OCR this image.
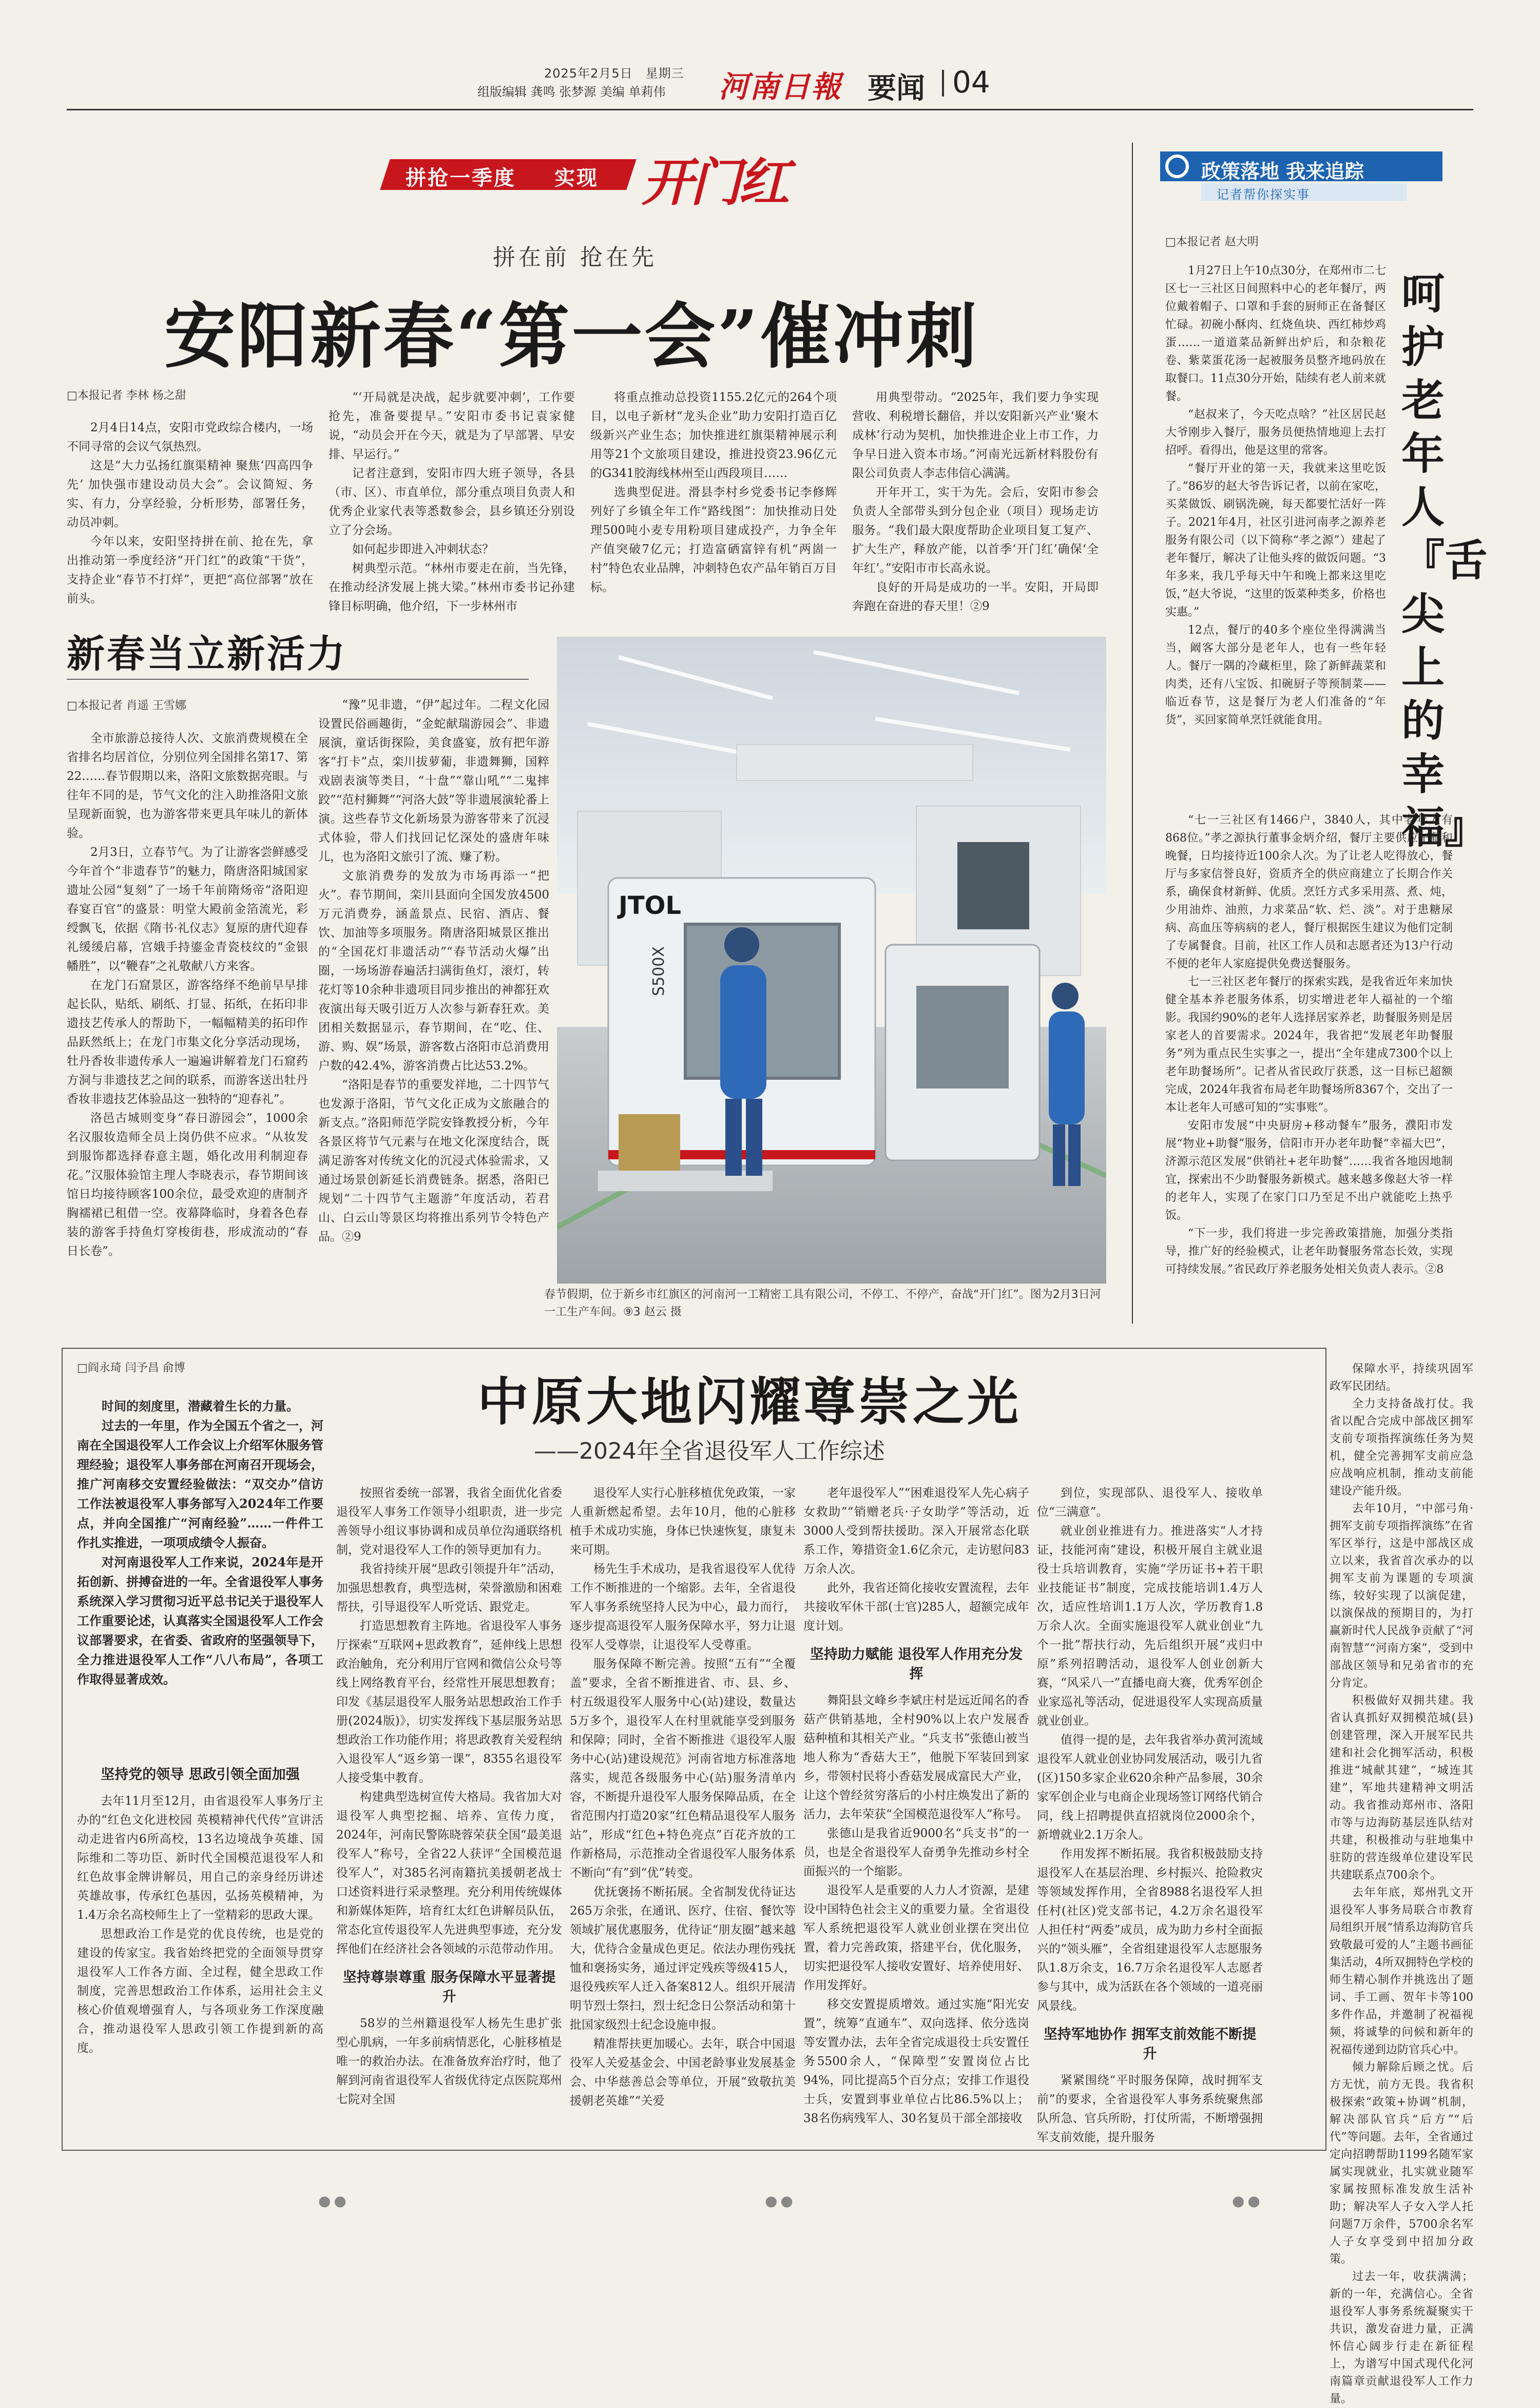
2025年2月5日　星期三
组版编辑 龚鸣 张梦源 美编 单莉伟 河南日報 要闻 04
拼抢一季度 实现 开门红
拼在前 抢在先
安阳新春“第一会”催冲刺
□本报记者 李林 杨之甜

2月4日14点，安阳市党政综合楼内，一场不同寻常的会议气氛热烈。

这是“大力弘扬红旗渠精神 聚焦‘四高四争先’ 加快强市建设动员大会”。会议简短、务实、有力，分享经验，分析形势，部署任务，动员冲刺。

今年以来，安阳坚持拼在前、抢在先，拿出推动第一季度经济“开门红”的政策“干货”，支持企业“春节不打烊”，更把“高位部署”放在前头。

“‘开局就是决战，起步就要冲刺’，工作要抢先，准备要提早。”安阳市委书记袁家健说，“动员会开在今天，就是为了早部署、早安排、早运行。”

记者注意到，安阳市四大班子领导，各县（市、区）、市直单位，部分重点项目负责人和优秀企业家代表等悉数参会，县乡镇还分别设立了分会场。

如何起步即进入冲刺状态？

树典型示范。“林州市要走在前，当先锋，在推动经济发展上挑大梁。”林州市委书记孙建锋目标明确，他介绍，下一步林州市

将重点推动总投资1155.2亿元的264个项目，以电子新材“龙头企业”助力安阳打造百亿级新兴产业生态；加快推进红旗渠精神展示利用等21个文旅项目建设，推进投资23.96亿元的G341胶海线林州至山西段项目……

选典型促进。滑县李村乡党委书记李修辉列好了乡镇全年工作“路线图”：加快推动日处理500吨小麦专用粉项目建成投产，力争全年产值突破7亿元；打造富硒富锌有机“两崮一村”特色农业品牌，冲刺特色农产品年销百万目标。

用典型带动。“2025年，我们要力争实现营收、利税增长翻倍，并以安阳新兴产业‘聚木成林’行动为契机，加快推进企业上市工作，力争早日进入资本市场。”河南光远新材料股份有限公司负责人李志伟信心满满。

开年开工，实干为先。会后，安阳市参会负责人全部带头到分包企业（项目）现场走访服务。“我们最大限度帮助企业项目复工复产、扩大生产，释放产能，以首季‘开门红’确保‘全年红’。”安阳市市长高永说。

良好的开局是成功的一半。安阳，开局即奔跑在奋进的春天里！②9

新春当立新活力
□本报记者 肖遥 王雪娜

全市旅游总接待人次、文旅消费规模在全省排名均居首位，分别位列全国排名第17、第22……春节假期以来，洛阳文旅数据亮眼。与往年不同的是，节气文化的注入助推洛阳文旅呈现新面貌，也为游客带来更具年味儿的新体验。

2月3日，立春节气。为了让游客尝鲜感受今年首个“非遗春节”的魅力，隋唐洛阳城国家遗址公园“复刻”了一场千年前隋炀帝“洛阳迎春宴百官”的盛景：明堂大殿前金箔流光，彩绶飘飞，依据《隋书·礼仪志》复原的唐代迎春礼缓缓启幕，宫娥手持鎏金青瓷枝纹的“金银幡胜”，以“鞭春”之礼敬献八方来客。

在龙门石窟景区，游客络绎不绝前早早排起长队，贴纸、刷纸、打显、拓纸，在拓印非遗技艺传承人的帮助下，一幅幅精美的拓印作品跃然纸上；在龙门市集文化分享活动现场，牡丹香妆非遗传承人一遍遍讲解着龙门石窟药方洞与非遗技艺之间的联系，而游客送出牡丹香妆非遗技艺体验品这一独特的“迎春礼”。

洛邑古城则变身“春日游园会”，1000余名汉服妆造师全员上岗仍供不应求。“从妆发到服饰都选择春意主题，婚化改用利制迎春花。”汉服体验馆主理人李晓表示，春节期间该馆日均接待顾客100余位，最受欢迎的唐制齐胸襦裙已租借一空。夜幕降临时，身着各色春装的游客手持鱼灯穿梭街巷，形成流动的“春日长卷”。

“豫”见非遗，“伊”起过年。二程文化园设置民俗画趣街，“金蛇献瑞游园会”、非遗展演，童话街探险，美食盛宴，放有把年游客“打卡”点，栾川拔萝葡，非遗舞狮，国粹戏剧表演等类目，“十盘”“靠山吼”“二鬼摔跤”“范村狮舞”“河洛大鼓”等非遗展演轮番上演。这些春节文化新场景为游客带来了沉浸式体验，带人们找回记忆深处的盛唐年味儿，也为洛阳文旅引了流、赚了粉。

文旅消费券的发放为市场再添一“把火”。春节期间，栾川县面向全国发放4500万元消费券，涵盖景点、民宿、酒店、餐饮、加油等多项服务。隋唐洛阳城景区推出的“全国花灯非遗活动”“春节活动火爆”出圈，一场场游春遍活扫满街鱼灯，滚灯，转花灯等10余种非遗项目同步推出的神都狂欢夜演出每天吸引近万人次参与新春狂欢。美团相关数据显示，春节期间，在“吃、住、游、购、娱”场景，游客数占洛阳市总消费用户数的42.4%，游客消费占比达53.2%。

“洛阳是春节的重要发祥地，二十四节气也发源于洛阳，节气文化正成为文旅融合的新支点。”洛阳师范学院安锋教授分析，今年各景区将节气元素与在地文化深度结合，既满足游客对传统文化的沉浸式体验需求，又通过场景创新延长消费链条。据悉，洛阳已规划“二十四节气主题游”年度活动，若君山、白云山等景区均将推出系列节令特色产品。②9

JTOL
S500X
春节假期，位于新乡市红旗区的河南河一工精密工具有限公司，不停工、不停产，奋战“开门红”。图为2月3日河一工生产车间。⑨3 赵云 摄
政策落地 我来追踪
记者帮你探实事
□本报记者 赵大明
呵护老年人『舌尖上的幸福』

1月27日上午10点30分，在郑州市二七区七一三社区日间照料中心的老年餐厅，两位戴着帽子、口罩和手套的厨师正在备餐区忙碌。初碗小酥肉、红烧鱼块、西红柿炒鸡蛋……一道道菜品新鲜出炉后，和杂粮花卷、紫菜蛋花汤一起被服务员整齐地码放在取餐口。11点30分开始，陆续有老人前来就餐。

“赵叔来了，今天吃点啥？”社区居民赵大爷刚步入餐厅，服务员便热情地迎上去打招呼。看得出，他是这里的常客。

“餐厅开业的第一天，我就来这里吃饭了。”86岁的赵大爷告诉记者，以前在家吃，买菜做饭、刷锅洗碗，每天都要忙活好一阵子。2021年4月，社区引进河南孝之源养老服务有限公司（以下简称“孝之源”）建起了老年餐厅，解决了让他头疼的做饭问题。“3年多来，我几乎每天中午和晚上都来这里吃饭，”赵大爷说，“这里的饭菜种类多，价格也实惠。”

12点，餐厅的40多个座位坐得满满当当，阚客大部分是老年人，也有一些年轻人。餐厅一隅的冷藏柜里，除了新鲜蔬菜和肉类，还有八宝饭、扣碗厨子等预制菜——临近春节，这是餐厅为老人们准备的“年货”，买回家简单烹饪就能食用。

“七一三社区有1466户，3840人，其中老年人有868位。”孝之源执行董事金炳介绍，餐厅主要供应午餐和晚餐，日均接待近100余人次。为了让老人吃得放心，餐厅与多家信誉良好，资质齐全的供应商建立了长期合作关系，确保食材新鲜、优质。烹饪方式多采用蒸、煮、炖，少用油炸、油煎，力求菜品“软、烂、淡”。对于患糖尿病、高血压等病病的老人，餐厅根据医生建议为他们定制了专属餐食。目前，社区工作人员和志愿者还为13户行动不便的老年人家庭提供免费送餐服务。

七一三社区老年餐厅的探索实践，是我省近年来加快健全基本养老服务体系，切实增进老年人福祉的一个缩影。我国约90%的老年人选择居家养老，助餐服务则是居家老人的首要需求。2024年，我省把“发展老年助餐服务”列为重点民生实事之一，提出“全年建成7300个以上老年助餐场所”。记者从省民政厅获悉，这一目标已超额完成，2024年我省布局老年助餐场所8367个，交出了一本让老年人可感可知的“实事账”。

安阳市发展“中央厨房+移动餐车”服务，濮阳市发展“物业+助餐”服务，信阳市开办老年助餐“幸福大巴”，济源示范区发展“供销社+老年助餐”……我省各地因地制宜，探索出不少助餐服务新模式。越来越多像赵大爷一样的老年人，实现了在家门口乃至足不出户就能吃上热乎饭。

“下一步，我们将进一步完善政策措施，加强分类指导，推广好的经验模式，让老年助餐服务常态长效，实现可持续发展。”省民政厅养老服务处相关负责人表示。②8

□阎永琦 闫予昌 俞博
中原大地闪耀尊崇之光
——2024年全省退役军人工作综述

时间的刻度里，潜藏着生长的力量。

过去的一年里，作为全国五个省之一，河南在全国退役军人工作会议上介绍军休服务管理经验；退役军人事务部在河南召开现场会，推广河南移交安置经验做法：“双交办”信访工作法被退役军人事务部写入2024年工作要点，并向全国推广“河南经验”……一件件工作扎实推进，一项项成绩令人振奋。

对河南退役军人工作来说，2024年是开拓创新、拼搏奋进的一年。全省退役军人事务系统深入学习贯彻习近平总书记关于退役军人工作重要论述，认真落实全国退役军人工作会议部署要求，在省委、省政府的坚强领导下，全力推进退役军人工作“八八布局”，各项工作取得显著成效。

坚持党的领导 思政引领全面加强

去年11月至12月，由省退役军人事务厅主办的“红色文化进校园 英模精神代代传”宣讲活动走进省内6所高校，13名边境战争英雄、国际维和二等功臣、新时代全国模范退役军人和红色故事金牌讲解员，用自己的亲身经历讲述英雄故事，传承红色基因，弘扬英模精神，为1.4万余名高校师生上了一堂精彩的思政大课。

思想政治工作是党的优良传统，也是党的建设的传家宝。我省始终把党的全面领导贯穿退役军人工作各方面、全过程，健全思政工作制度，完善思想政治工作体系，运用社会主义核心价值观增强育人，与各项业务工作深度融合，推动退役军人思政引领工作提到新的高度。

按照省委统一部署，我省全面优化省委退役军人事务工作领导小组职责，进一步完善领导小组议事协调和成员单位沟通联络机制，党对退役军人工作的领导更加有力。

我省持续开展“思政引领提升年”活动，加强思想教育，典型选树，荣誉激励和困难帮扶，引导退役军人听党话、跟党走。

打造思想教育主阵地。省退役军人事务厅探索“互联网+思政教育”，延伸线上思想政治触角，充分利用厅官网和微信公众号等线上网络教育平台，经常性开展思想教育；印发《基层退役军人服务站思想政治工作手册(2024版)》，切实发挥线下基层服务站思想政治工作功能作用；将思政教育关爱程纳入退役军人“返乡第一课”，8355名退役军人接受集中教育。

构建典型选树宣传大格局。我省加大对退役军人典型挖掘、培养、宣传力度，2024年，河南民警陈晓蓉荣获全国“最美退役军人”称号，全省22人获评“全国模范退役军人”，对385名河南籍抗美援朝老战士口述资料进行采录整理。充分利用传统媒体和新媒体矩阵，培育红太红色讲解员队伍，常态化宣传退役军人先进典型事迹，充分发挥他们在经济社会各领域的示范带动作用。

坚持尊崇尊重 服务保障水平显著提升

58岁的兰州籍退役军人杨先生患扩张型心肌病，一年多前病情恶化，心脏移植是唯一的救治办法。在准备放弃治疗时，他了解到河南省退役军人省级优待定点医院郑州七院对全国

退役军人实行心脏移植优免政策，一家人重新燃起希望。去年10月，他的心脏移植手术成功实施，身体已快速恢复，康复未来可期。

杨先生手术成功，是我省退役军人优待工作不断推进的一个缩影。去年，全省退役军人事务系统坚持人民为中心，最力而行，逐步提高退役军人服务保障水平，努力让退役军人受尊崇，让退役军人受尊重。

服务保障不断完善。按照“五有”“全覆盖”要求，全省不断推进省、市、县、乡、村五级退役军人服务中心(站)建设，数量达5万多个，退役军人在村里就能享受到服务和保障；同时，全省不断推进《退役军人服务中心(站)建设规范》河南省地方标准落地落实，规范各级服务中心(站)服务清单内容，不断提升退役军人服务保障品质，在全省范围内打造20家“红色精品退役军人服务站”，形成“红色+特色亮点”百花齐放的工作新格局，示范推动全省退役军人服务体系不断向“有”到“优”转变。

优抚褒扬不断拓展。全省制发优待证达265万余张，在通讯、医疗、住宿、餐饮等领域扩展优惠服务，优待证“朋友圈”越来越大，优待合金量成色更足。依法办理伤残抚恤和褒扬实务，通过评定残疾等级415人，退役残疾军人迁入备案812人。组织开展清明节烈士祭扫，烈士纪念日公祭活动和第十批国家级烈士纪念设施申报。

精准帮扶更加暖心。去年，联合中国退役军人关爱基金会、中国老龄事业发展基金会、中华慈善总会等单位，开展“致敬抗美援朝老英雄”“关爱

老年退役军人”“困难退役军人先心病子女救助”“销赠老兵·子女助学”等活动，近3000人受到帮扶援助。深入开展常态化联系工作，筹措资金1.6亿余元，走访慰问83万余人次。

此外，我省还简化接收安置流程，去年共接收军休干部(士官)285人，超额完成年度计划。

坚持助力赋能 退役军人作用充分发挥

舞阳县文峰乡李斌庄村是远近闻名的香菇产供销基地，全村90%以上农户发展香菇种植和其相关产业。“兵支书”张德山被当地人称为“香菇大王”，他脱下军装回到家乡，带领村民将小香菇发展成富民大产业，让这个曾经贫穷落后的小村庄焕发出了新的活力，去年荣获“全国模范退役军人”称号。

张德山是我省近9000名“兵支书”的一员，也是全省退役军人奋勇争先推动乡村全面振兴的一个缩影。

退役军人是重要的人力人才资源，是建设中国特色社会主义的重要力量。全省退役军人系统把退役军人就业创业摆在突出位置，着力完善政策，搭建平台，优化服务，切实把退役军人接收安置好、培养使用好、作用发挥好。

移交安置提质增效。通过实施“阳光安置”，统筹“直通车”、双向选择、依分选岗等安置办法，去年全省完成退役士兵安置任务5500余人，“保障型”安置岗位占比94%，同比提高5个百分点；安排工作退役士兵，安置到事业单位占比86.5%以上；38名伤病残军人、30名复员干部全部接收

到位，实现部队、退役军人、接收单位“三满意”。

就业创业推进有力。推进落实“人才持证，技能河南”建设，积极开展自主就业退役士兵培训教育，实施“学历证书+若干职业技能证书”制度，完成技能培训1.4万人次，适应性培训1.1万人次，学历教育1.8万余人次。全面实施退役军人就业创业“九个一批”帮扶行动，先后组织开展“戎归中原”系列招聘活动，退役军人创业创新大赛，“风采八一”直播电商大赛，优秀军创企业家巡礼等活动，促进退役军人实现高质量就业创业。

值得一提的是，去年我省举办黄河流域退役军人就业创业协同发展活动，吸引九省(区)150多家企业620余种产品参展，30余家军创企业与电商企业现场签订网络代销合同，线上招聘提供直招就岗位2000余个，新增就业2.1万余人。

作用发挥不断拓展。我省积极鼓励支持退役军人在基层治理、乡村振兴、抢险救灾等领域发挥作用，全省8988名退役军人担任村(社区)党支部书记，4.2万余名退役军人担任村“两委”成员，成为助力乡村全面振兴的“领头雁”，全省组建退役军人志愿服务队1.8万余支，16.7万余名退役军人志愿者参与其中，成为活跃在各个领域的一道亮丽风景线。

坚持军地协作 拥军支前效能不断提升

紧紧围绕“平时服务保障，战时拥军支前”的要求，全省退役军人事务系统聚焦部队所急、官兵所盼，打仗所需，不断增强拥军支前效能，提升服务

保障水平，持续巩固军政军民团结。

全力支持备战打仗。我省以配合完成中部战区拥军支前专项指挥演练任务为契机，健全完善拥军支前应急应战响应机制，推动支前能建设产能升级。

去年10月，“中部弓角·拥军支前专项指挥演练”在省军区举行，这是中部战区成立以来，我省首次承办的以拥军支前为课题的专项演练，较好实现了以演促建，以演保战的预期目的，为打赢新时代人民战争贡献了“河南智慧”“河南方案”，受到中部战区领导和兄弟省市的充分肯定。

积极做好双拥共建。我省认真抓好双拥模范城(县)创建管理，深入开展军民共建和社会化拥军活动，积极推进“城献其建”，“城连其建”，军地共建精神文明活动。我省推动郑州市、洛阳市等与边海防基层连队结对共建，积极推动与驻地集中驻防的营连级单位建设军民共建联系点700余个。

去年年底，郑州乳文开退役军人事务局联合市教育局组织开展“情系边海防官兵 致敬最可爱的人”主题书画征集活动，4所双拥特色学校的师生精心制作并挑选出了题词、手工画、贺年卡等100多件作品，并邀制了祝福视频，将诚挚的问候和新年的祝福传递到边防官兵心中。

倾力解除后顾之忧。后方无忧，前方无畏。我省积极探索“政策+协调”机制，解决部队官兵“后方”“后代”等问题。去年，全省通过定向招聘帮助1199名随军家属实现就业，扎实就业随军家属按照标准发放生活补助；解决军人子女入学人托问题7万余件，5700余名军人子女享受到中招加分政策。

过去一年，收获满满；新的一年，充满信心。全省退役军人事务系统凝聚实干共识，激发奋进力量，正满怀信心阔步行走在新征程上，为谱写中国式现代化河南篇章贡献退役军人工作力量。

●●	●●	●●
